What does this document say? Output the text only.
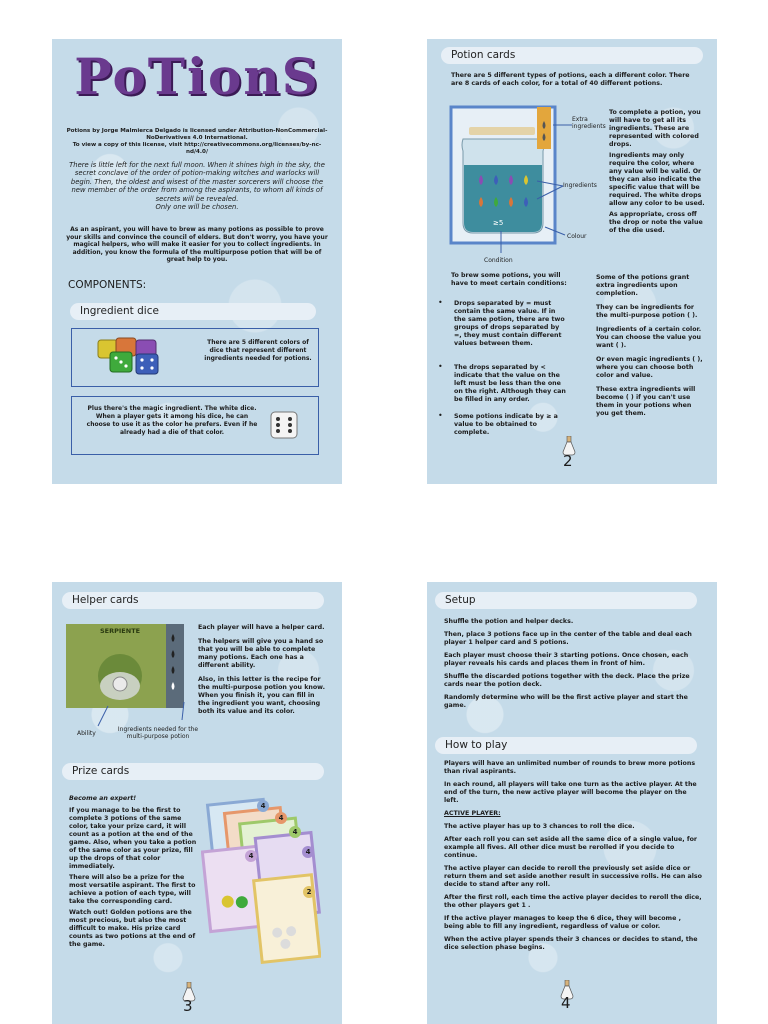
PoTionS
Potions by Jorge Malmierca Delgado is licensed under Attribution-NonCommercial-NoDerivatives 4.0 International.
To view a copy of this license, visit http://creativecommons.org/licenses/by-nc-nd/4.0/
There is little left for the next full moon. When it shines high in the sky, the secret conclave of the order of potion-making witches and warlocks will begin. Then, the oldest and wisest of the master sorcerers will choose the new member of the order from among the aspirants, to whom all kinds of secrets will be revealed.
Only one will be chosen.
As an aspirant, you will have to brew as many potions as possible to prove your skills and convince the council of elders. But don't worry, you have your magical helpers, who will make it easier for you to collect ingredients. In addition, you know the formula of the multipurpose potion that will be of great help to you.
COMPONENTS:
Ingredient dice
There are 5 different colors of dice that represent different ingredients needed for potions.
Plus there's the magic ingredient. The white dice. When a player gets it among his dice, he can choose to use it as the color he prefers. Even if he already had a die of that color.
Potion cards
There are 5 different types of potions, each a different color. There are 8 cards of each color, for a total of 40 different potions.
≥5
Extra ingredients
Ingredients
Colour
Condition
To complete a potion, you will have to get all its ingredients. These are represented with colored drops.
Ingredients may only require the color, where any value will be valid. Or they can also indicate the specific value that will be required. The white drops allow any color to be used.
As appropriate, cross off the drop or note the value of the die used.
To brew some potions, you will have to meet certain conditions:
• Drops separated by = must contain the same value. If in the same potion, there are two groups of drops separated by =, they must contain different values between them.
• The drops separated by < indicate that the value on the left must be less than the one on the right. Although they can be filled in any order.
• Some potions indicate by ≥ a value to be obtained to complete.
Some of the potions grant extra ingredients upon completion.
They can be ingredients for the multi-purpose potion ( ).
Ingredients of a certain color. You can choose the value you want ( ).
Or even magic ingredients ( ), where you can choose both color and value.
These extra ingredients will become ( ) if you can't use them in your potions when you get them.
2
Helper cards
SERPIENTE
Ability
Ingredients needed for the multi-purpose potion
Each player will have a helper card.
The helpers will give you a hand so that you will be able to complete many potions. Each one has a different ability.
Also, in this letter is the recipe for the multi-purpose potion you know. When you finish it, you can fill in the ingredient you want, choosing both its value and its color.
Prize cards
Become an expert!
If you manage to be the first to complete 3 potions of the same color, take your prize card, it will count as a potion at the end of the game. Also, when you take a potion of the same color as your prize, fill up the drops of that color immediately.
There will also be a prize for the most versatile aspirant. The first to achieve a potion of each type, will take the corresponding card.
Watch out! Golden potions are the most precious, but also the most difficult to make. His prize card counts as two potions at the end of the game.
4
4
4
4	4
2
3
Setup
Shuffle the potion and helper decks.
Then, place 3 potions face up in the center of the table and deal each player 1 helper card and 5 potions.
Each player must choose their 3 starting potions. Once chosen, each player reveals his cards and places them in front of him.
Shuffle the discarded potions together with the deck. Place the prize cards near the potion deck.
Randomly determine who will be the first active player and start the game.
How to play
Players will have an unlimited number of rounds to brew more potions than rival aspirants.
In each round, all players will take one turn as the active player. At the end of the turn, the new active player will become the player on the left.
ACTIVE PLAYER:
The active player has up to 3 chances to roll the dice.
After each roll you can set aside all the same dice of a single value, for example all fives. All other dice must be rerolled if you decide to continue.
The active player can decide to reroll the previously set aside dice or return them and set aside another result in successive rolls. He can also decide to stand after any roll.
After the first roll, each time the active player decides to reroll the dice, the other players get 1 .
If the active player manages to keep the 6 dice, they will become , being able to fill any ingredient, regardless of value or color.
When the active player spends their 3 chances or decides to stand, the dice selection phase begins.
4
